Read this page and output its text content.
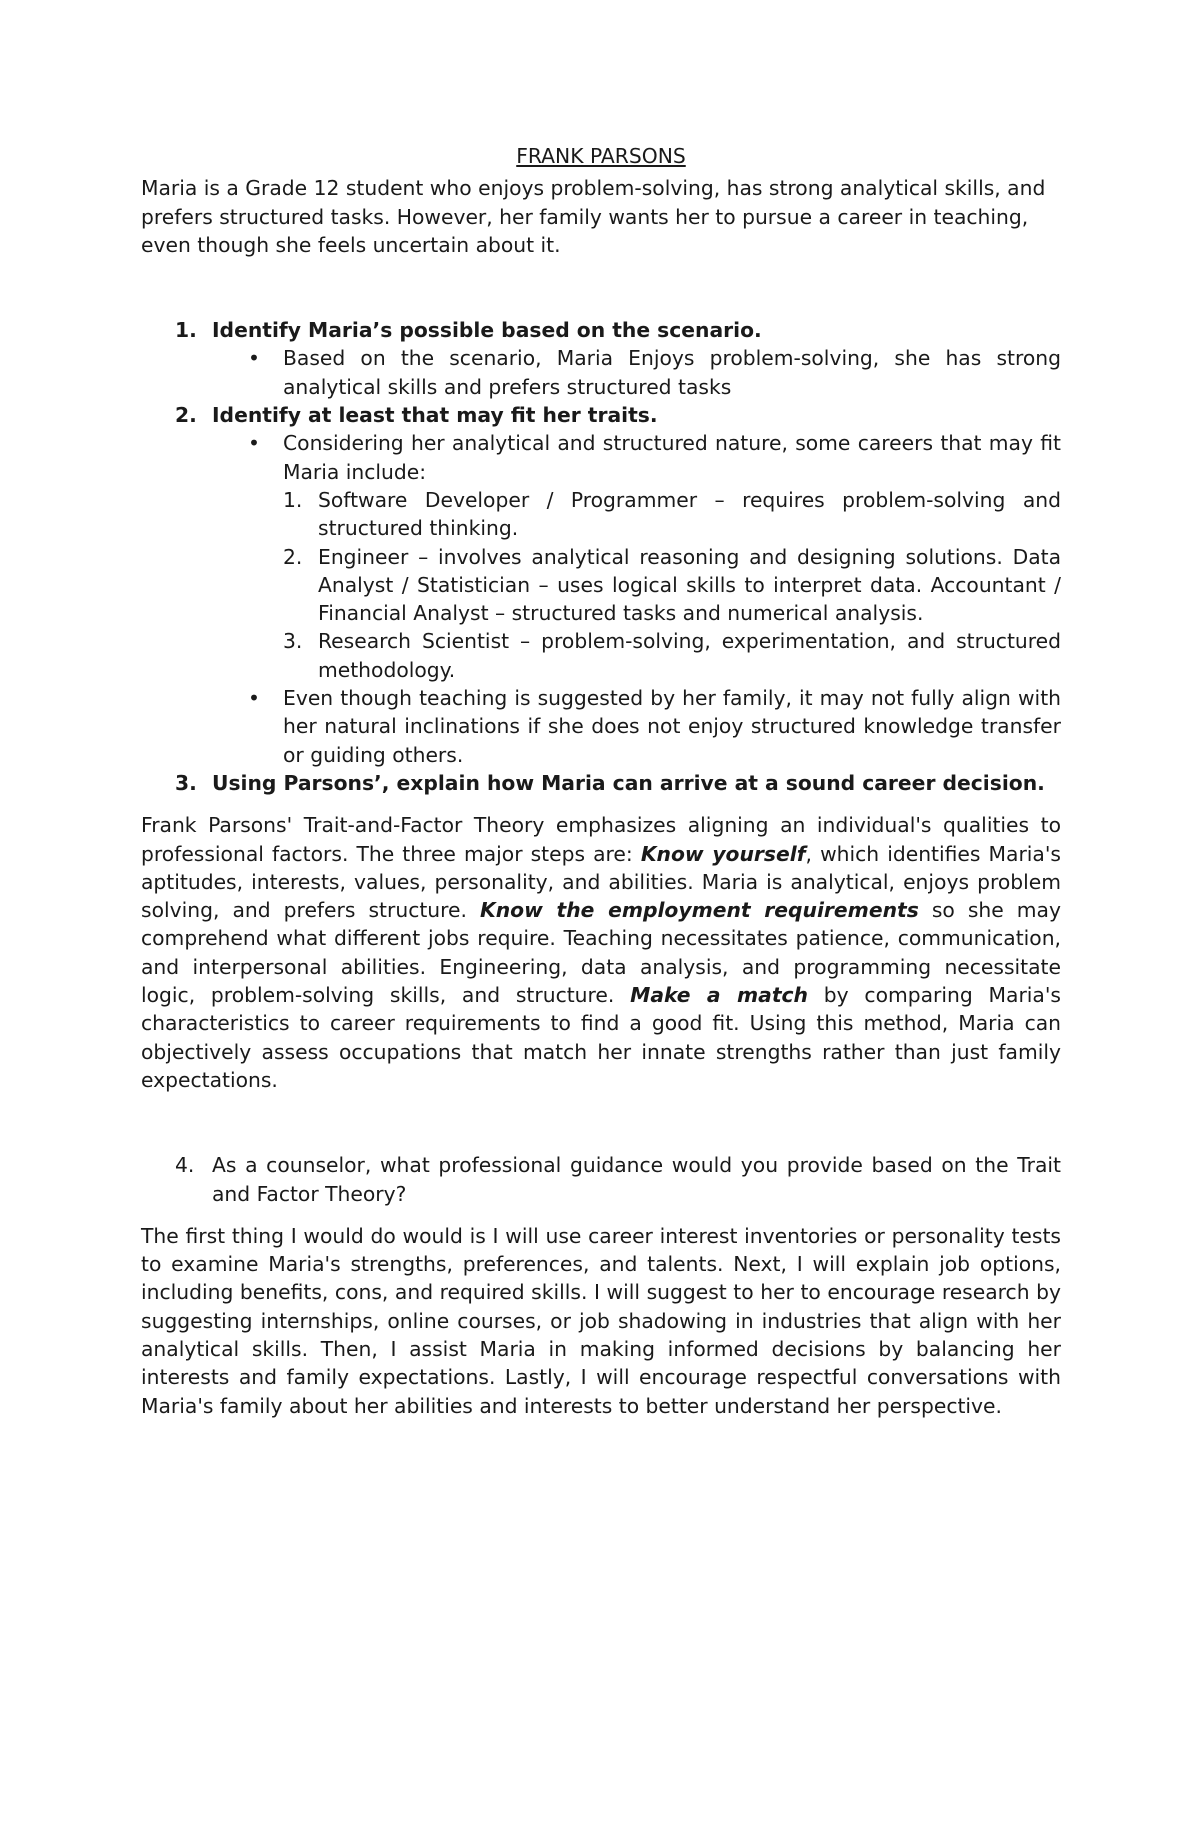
FRANK PARSONS

Maria is a Grade 12 student who enjoys problem-solving, has strong analytical skills, and prefers structured tasks. However, her family wants her to pursue a career in teaching, even though she feels uncertain about it.

1. Identify Maria’s possible based on the scenario.
• Based on the scenario, Maria Enjoys problem-solving, she has strong analytical skills and prefers structured tasks
2. Identify at least that may fit her traits.
• Considering her analytical and structured nature, some careers that may fit Maria include:
1. Software Developer / Programmer – requires problem-solving and structured thinking.
2. Engineer – involves analytical reasoning and designing solutions. Data Analyst / Statistician – uses logical skills to interpret data. Accountant / Financial Analyst – structured tasks and numerical analysis.
3. Research Scientist – problem-solving, experimentation, and structured methodology.
• Even though teaching is suggested by her family, it may not fully align with her natural inclinations if she does not enjoy structured knowledge transfer or guiding others.
3. Using Parsons’, explain how Maria can arrive at a sound career decision.

Frank Parsons' Trait-and-Factor Theory emphasizes aligning an individual's qualities to professional factors. The three major steps are: Know yourself, which identifies Maria's aptitudes, interests, values, personality, and abilities. Maria is analytical, enjoys problem solving, and prefers structure. Know the employment requirements so she may comprehend what different jobs require. Teaching necessitates patience, communication, and interpersonal abilities. Engineering, data analysis, and programming necessitate logic, problem-solving skills, and structure. Make a match by comparing Maria's characteristics to career requirements to find a good fit. Using this method, Maria can objectively assess occupations that match her innate strengths rather than just family expectations.

4. As a counselor, what professional guidance would you provide based on the Trait and Factor Theory?

The first thing I would do would is I will use career interest inventories or personality tests to examine Maria's strengths, preferences, and talents. Next, I will explain job options, including benefits, cons, and required skills. I will suggest to her to encourage research by suggesting internships, online courses, or job shadowing in industries that align with her analytical skills. Then, I assist Maria in making informed decisions by balancing her interests and family expectations. Lastly, I will encourage respectful conversations with Maria's family about her abilities and interests to better understand her perspective.
